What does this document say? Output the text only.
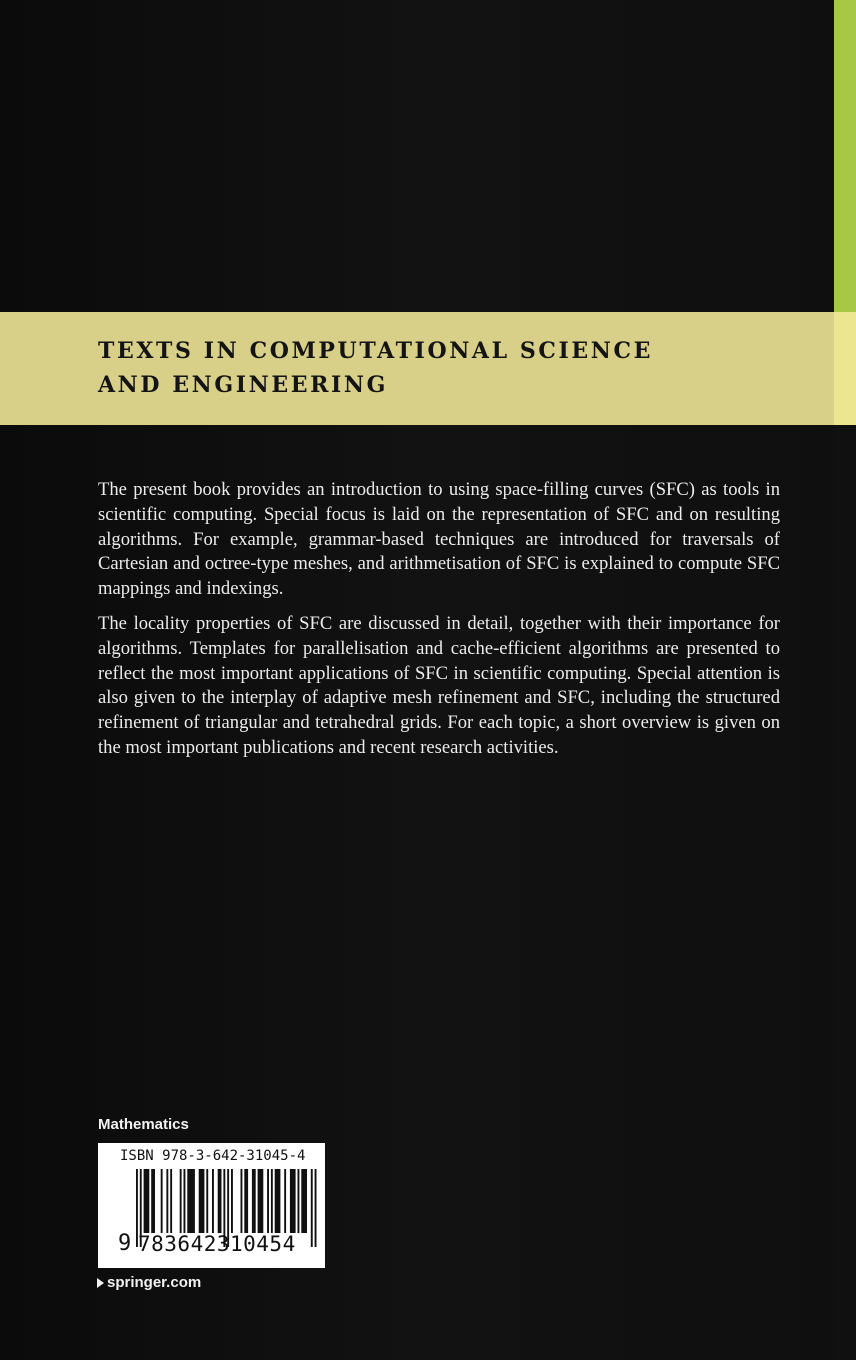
TEXTS IN COMPUTATIONAL SCIENCE
AND ENGINEERING

The present book provides an introduction to using space-filling curves (SFC) as tools in scientific computing. Special focus is laid on the representation of SFC and on resulting algorithms. For example, grammar-based techniques are introduced for traversals of Cartesian and octree-type meshes, and arithmetisation of SFC is explained to compute SFC mappings and indexings.

The locality properties of SFC are discussed in detail, together with their importance for algorithms. Templates for parallelisation and cache-efficient algorithms are presented to reflect the most important applications of SFC in scientific computing. Special attention is also given to the interplay of adaptive mesh refinement and SFC, including the structured refinement of triangular and tetrahedral grids. For each topic, a short overview is given on the most important publications and recent research activities.

Mathematics
ISBN 978-3-642-31045-4
9 783642310454
springer.com
